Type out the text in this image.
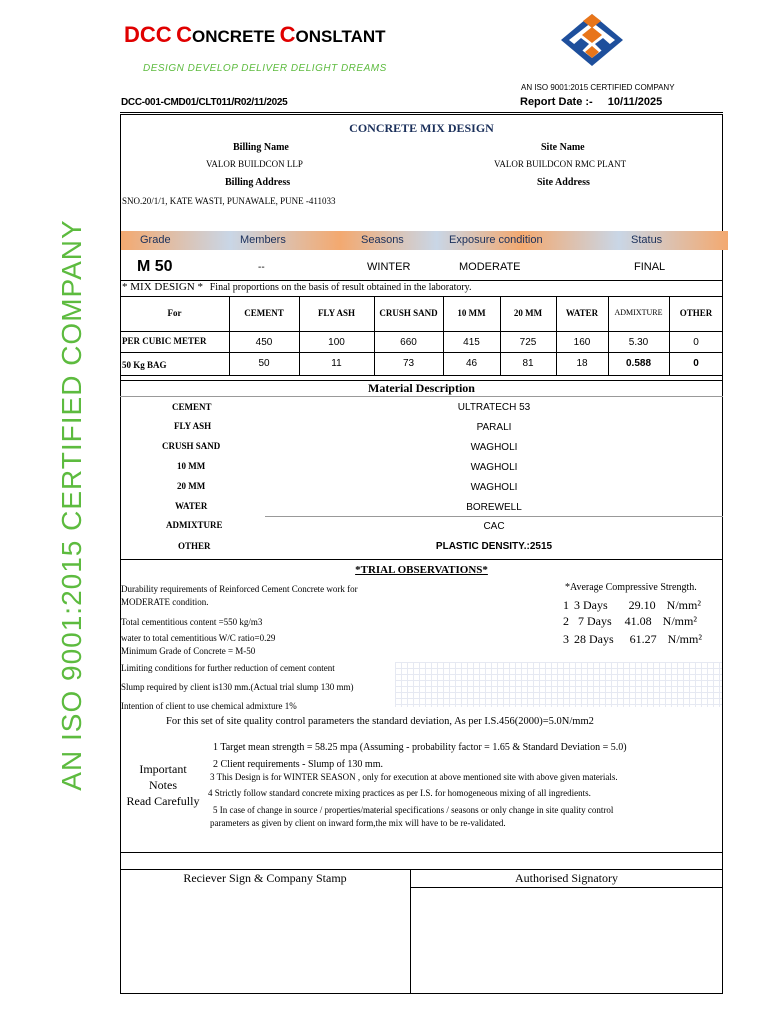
DCC CONCRETE CONSLTANT
DESIGN DEVELOP DELIVER DELIGHT DREAMS
AN ISO 9001:2015 CERTIFIED COMPANY
DCC-001-CMD01/CLT011/R02/11/2025	Report Date :- 10/11/2025
AN ISO 9001:2015 CERTIFIED COMPANY
CONCRETE MIX DESIGN
Billing Name
VALOR BUILDCON LLP
Site Name
VALOR BUILDCON RMC PLANT
Billing Address	Site Address
SNO.20/1/1, KATE WASTI, PUNAWALE, PUNE -411033
Grade	Members	Seasons	Exposure condition	Status
M 50	--	WINTER	MODERATE	FINAL
* MIX DESIGN * Final proportions on the basis of result obtained in the laboratory.
For	CEMENT	FLY ASH	CRUSH SAND	10 MM	20 MM	WATER	ADMIXTURE	OTHER
PER CUBIC METER	450	100	660	415	725	160	5.30	0
50 Kg BAG	50	11	73	46	81	18	0.588	0
Material Description
CEMENT	ULTRATECH 53
FLY ASH	PARALI
CRUSH SAND	WAGHOLI
10 MM	WAGHOLI
20 MM	WAGHOLI
WATER	BOREWELL
ADMIXTURE	CAC
OTHER	PLASTIC DENSITY.:2515
*TRIAL OBSERVATIONS*
Durability requirements of Reinforced Cement Concrete work for
MODERATE condition.
Total cementitious content =550 kg/m3
water to total cementitious W/C ratio=0.29
Minimum Grade of Concrete = M-50
Limiting conditions for further reduction of cement content
Slump required by client is130 mm.(Actual trial slump 130 mm)
Intention of client to use chemical admixture 1%
*Average Compressive Strength.
1 3 Days 29.10 N/mm²
2 7 Days 41.08 N/mm²
3 28 Days 61.27 N/mm²
For this set of site quality control parameters the standard deviation, As per I.S.456(2000)=5.0N/mm2
Important
Notes
Read Carefully
1 Target mean strength = 58.25 mpa (Assuming - probability factor = 1.65 & Standard Deviation = 5.0)
2 Client requirements - Slump of 130 mm.
3 This Design is for WINTER SEASON , only for execution at above mentioned site with above given materials.
4 Strictly follow standard concrete mixing practices as per I.S. for homogeneous mixing of all ingredients.
5 In case of change in source / properties/material specifications / seasons or only change in site quality control
parameters as given by client on inward form,the mix will have to be re-validated.
Reciever Sign & Company Stamp	Authorised Signatory
